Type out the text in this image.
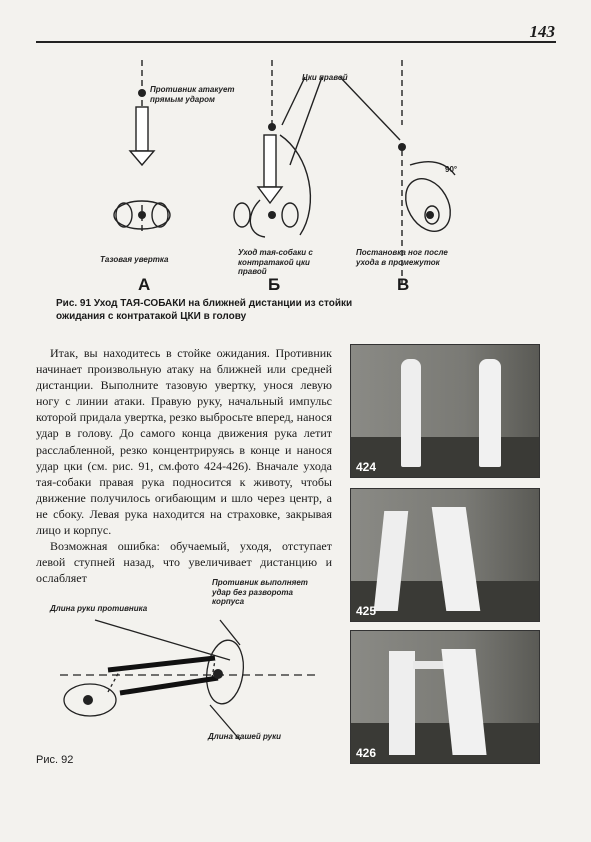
143
Противник атакует прямым ударом
Цки правой
90°
Тазовая увертка
Уход тая-собаки с контратакой цки правой
Постановка ног после ухода в промежуток
А	Б	В
Рис. 91 Уход ТАЯ-СОБАКИ на ближней дистанции из стойки ожидания с контратакой ЦКИ в голову

Итак, вы находитесь в стойке ожидания. Противник начинает произвольную атаку на ближней или средней дистанции. Выполните тазовую увертку, унося левую ногу с линии атаки. Правую руку, начальный импульс которой придала увертка, резко выбросьте вперед, нанося удар в голову. До самого конца движения рука летит расслабленной, резко концентрируясь в конце и нанося удар цки (см. рис. 91, см.фото 424-426). Вначале ухода тая-собаки правая рука подносится к животу, чтобы движение получилось огибающим и шло через центр, а не сбоку. Левая рука находится на страховке, закрывая лицо и корпус.

Возможная ошибка: обучаемый, уходя, отступает левой ступней назад, что увеличивает дистанцию и ослабляет

Длина руки противника
Противник выполняет удар без разворота корпуса
Длина вашей руки
Рис. 92
424
425
426
